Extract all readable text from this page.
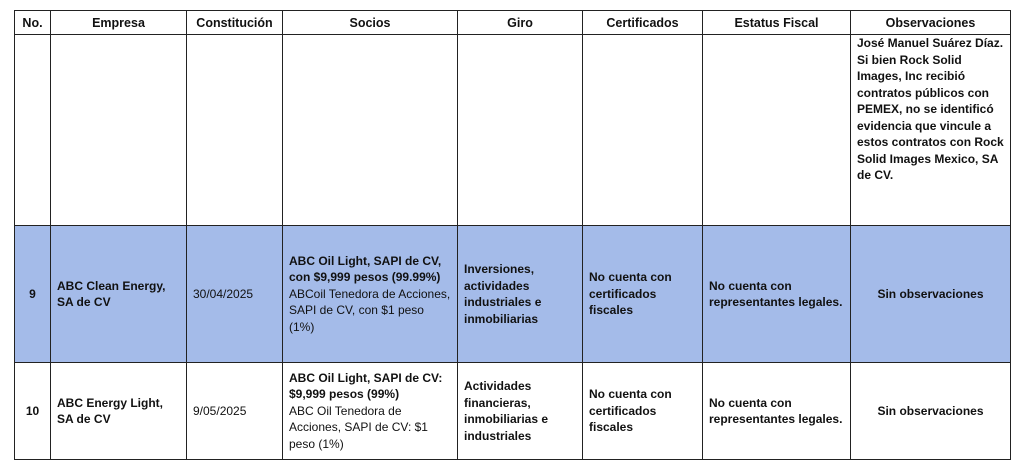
No.	Empresa	Constitución	Socios	Giro	Certificados	Estatus Fiscal	Observaciones
							José Manuel Suárez Díaz. Si bien Rock Solid Images, Inc recibió contratos públicos con PEMEX, no se identificó evidencia que vincule a estos contratos con Rock Solid Images Mexico, SA de CV.
9	ABC Clean Energy, SA de CV	30/04/2025	ABC Oil Light, SAPI de CV, con $9,999 pesos (99.99%)
ABCoil Tenedora de Acciones, SAPI de CV, con $1 peso (1%)	Inversiones, actividades industriales e inmobiliarias	No cuenta con certificados fiscales	No cuenta con representantes legales.	Sin observaciones
10	ABC Energy Light, SA de CV	9/05/2025	ABC Oil Light, SAPI de CV: $9,999 pesos (99%)
ABC Oil Tenedora de Acciones, SAPI de CV: $1 peso (1%)	Actividades financieras, inmobiliarias e industriales	No cuenta con certificados fiscales	No cuenta con representantes legales.	Sin observaciones
